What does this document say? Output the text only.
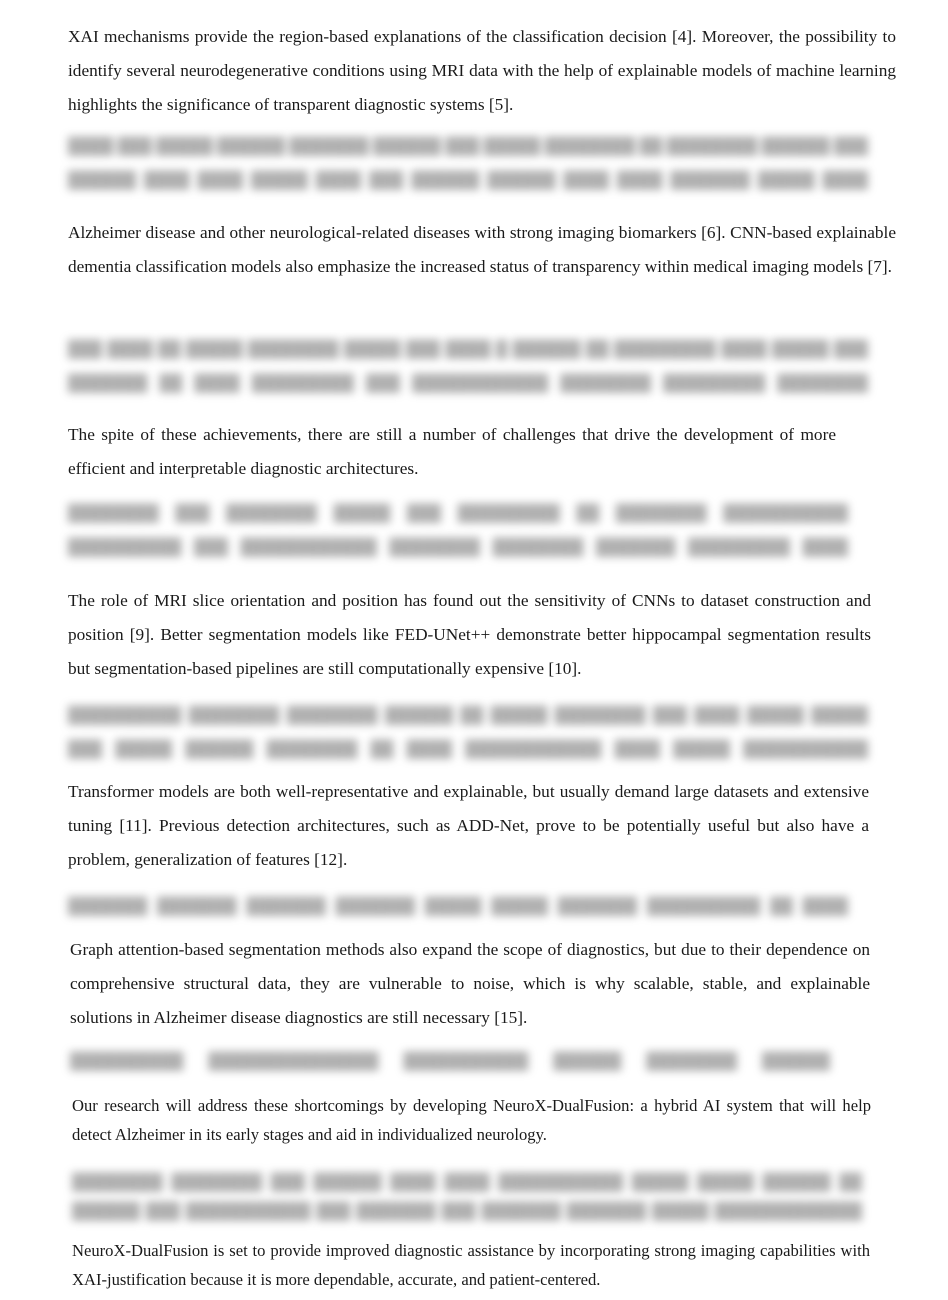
XAI mechanisms provide the region-based explanations of the classification decision [4]. Moreover, the possibility to identify several neurodegenerative conditions using MRI data with the help of explainable models of machine learning highlights the significance of transparent diagnostic systems [5].

████ ███ █████ ██████ ███████ ██████ ███ █████ ████████ ██ ████████ ██████ ███ ██████ ████ ████ █████ ████ ███ ██████ ██████ ████ ████ ███████ █████ ████

Alzheimer disease and other neurological-related diseases with strong imaging biomarkers [6]. CNN-based explainable dementia classification models also emphasize the increased status of transparency within medical imaging models [7].

███ ████ ██ █████ ████████ █████ ███ ████ █ ██████ ██ █████████ ████ █████ ███ ███████ ██ ████ █████████ ███ ████████████ ████████ █████████ ████████

The spite of these achievements, there are still a number of challenges that drive the development of more efficient and interpretable diagnostic architectures.

████████ ███ ████████ █████ ███ █████████ ██ ████████ ███████████ ██████████ ███ ████████████ ████████ ████████ ███████ █████████ ████

The role of MRI slice orientation and position has found out the sensitivity of CNNs to dataset construction and position [9]. Better segmentation models like FED-UNet++ demonstrate better hippocampal segmentation results but segmentation-based pipelines are still computationally expensive [10].

██████████ ████████ ████████ ██████ ██ █████ ████████ ███ ████ █████ █████ ███ █████ ██████ ████████ ██ ████ ████████████ ████ █████ ███████████

Transformer models are both well-representative and explainable, but usually demand large datasets and extensive tuning [11]. Previous detection architectures, such as ADD-Net, prove to be potentially useful but also have a problem, generalization of features [12].

███████ ███████ ███████ ███████ █████ █████ ███████ ██████████ ██ ████

Graph attention-based segmentation methods also expand the scope of diagnostics, but due to their dependence on comprehensive structural data, they are vulnerable to noise, which is why scalable, stable, and explainable solutions in Alzheimer disease diagnostics are still necessary [15].

██████████ ███████████████ ███████████ ██████ ████████ ██████

Our research will address these shortcomings by developing NeuroX-DualFusion: a hybrid AI system that will help detect Alzheimer in its early stages and aid in individualized neurology.

████████ ████████ ███ ██████ ████ ████ ███████████ █████ █████ ██████ ██ ██████ ███ ███████████ ███ ███████ ███ ███████ ███████ █████ █████████████

NeuroX-DualFusion is set to provide improved diagnostic assistance by incorporating strong imaging capabilities with XAI-justification because it is more dependable, accurate, and patient-centered.
